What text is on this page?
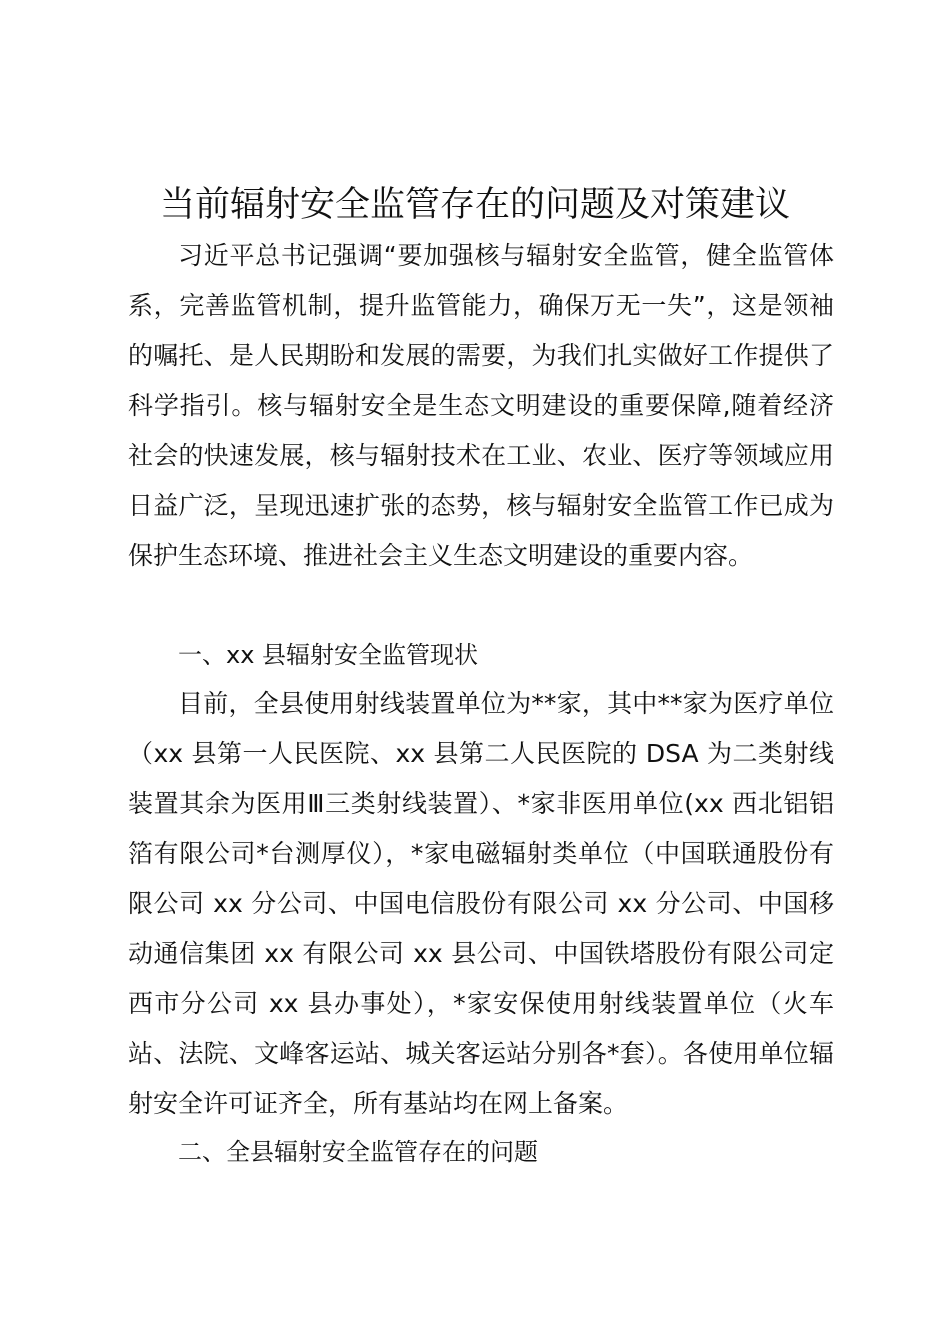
当前辐射安全监管存在的问题及对策建议

习近平总书记强调“要加强核与辐射安全监管，健全监管体系，完善监管机制，提升监管能力，确保万无一失”，这是领袖的嘱托、是人民期盼和发展的需要，为我们扎实做好工作提供了科学指引。核与辐射安全是生态文明建设的重要保障,随着经济社会的快速发展，核与辐射技术在工业、农业、医疗等领域应用日益广泛，呈现迅速扩张的态势，核与辐射安全监管工作已成为保护生态环境、推进社会主义生态文明建设的重要内容。

一、xx 县辐射安全监管现状

目前，全县使用射线装置单位为**家，其中**家为医疗单位（xx 县第一人民医院、xx 县第二人民医院的 DSA 为二类射线装置其余为医用Ⅲ三类射线装置）、*家非医用单位(xx 西北铝铝箔有限公司*台测厚仪），*家电磁辐射类单位（中国联通股份有限公司 xx 分公司、中国电信股份有限公司 xx 分公司、中国移动通信集团 xx 有限公司 xx 县公司、中国铁塔股份有限公司定西市分公司 xx 县办事处），*家安保使用射线装置单位（火车站、法院、文峰客运站、城关客运站分别各*套）。各使用单位辐射安全许可证齐全，所有基站均在网上备案。

二、全县辐射安全监管存在的问题
